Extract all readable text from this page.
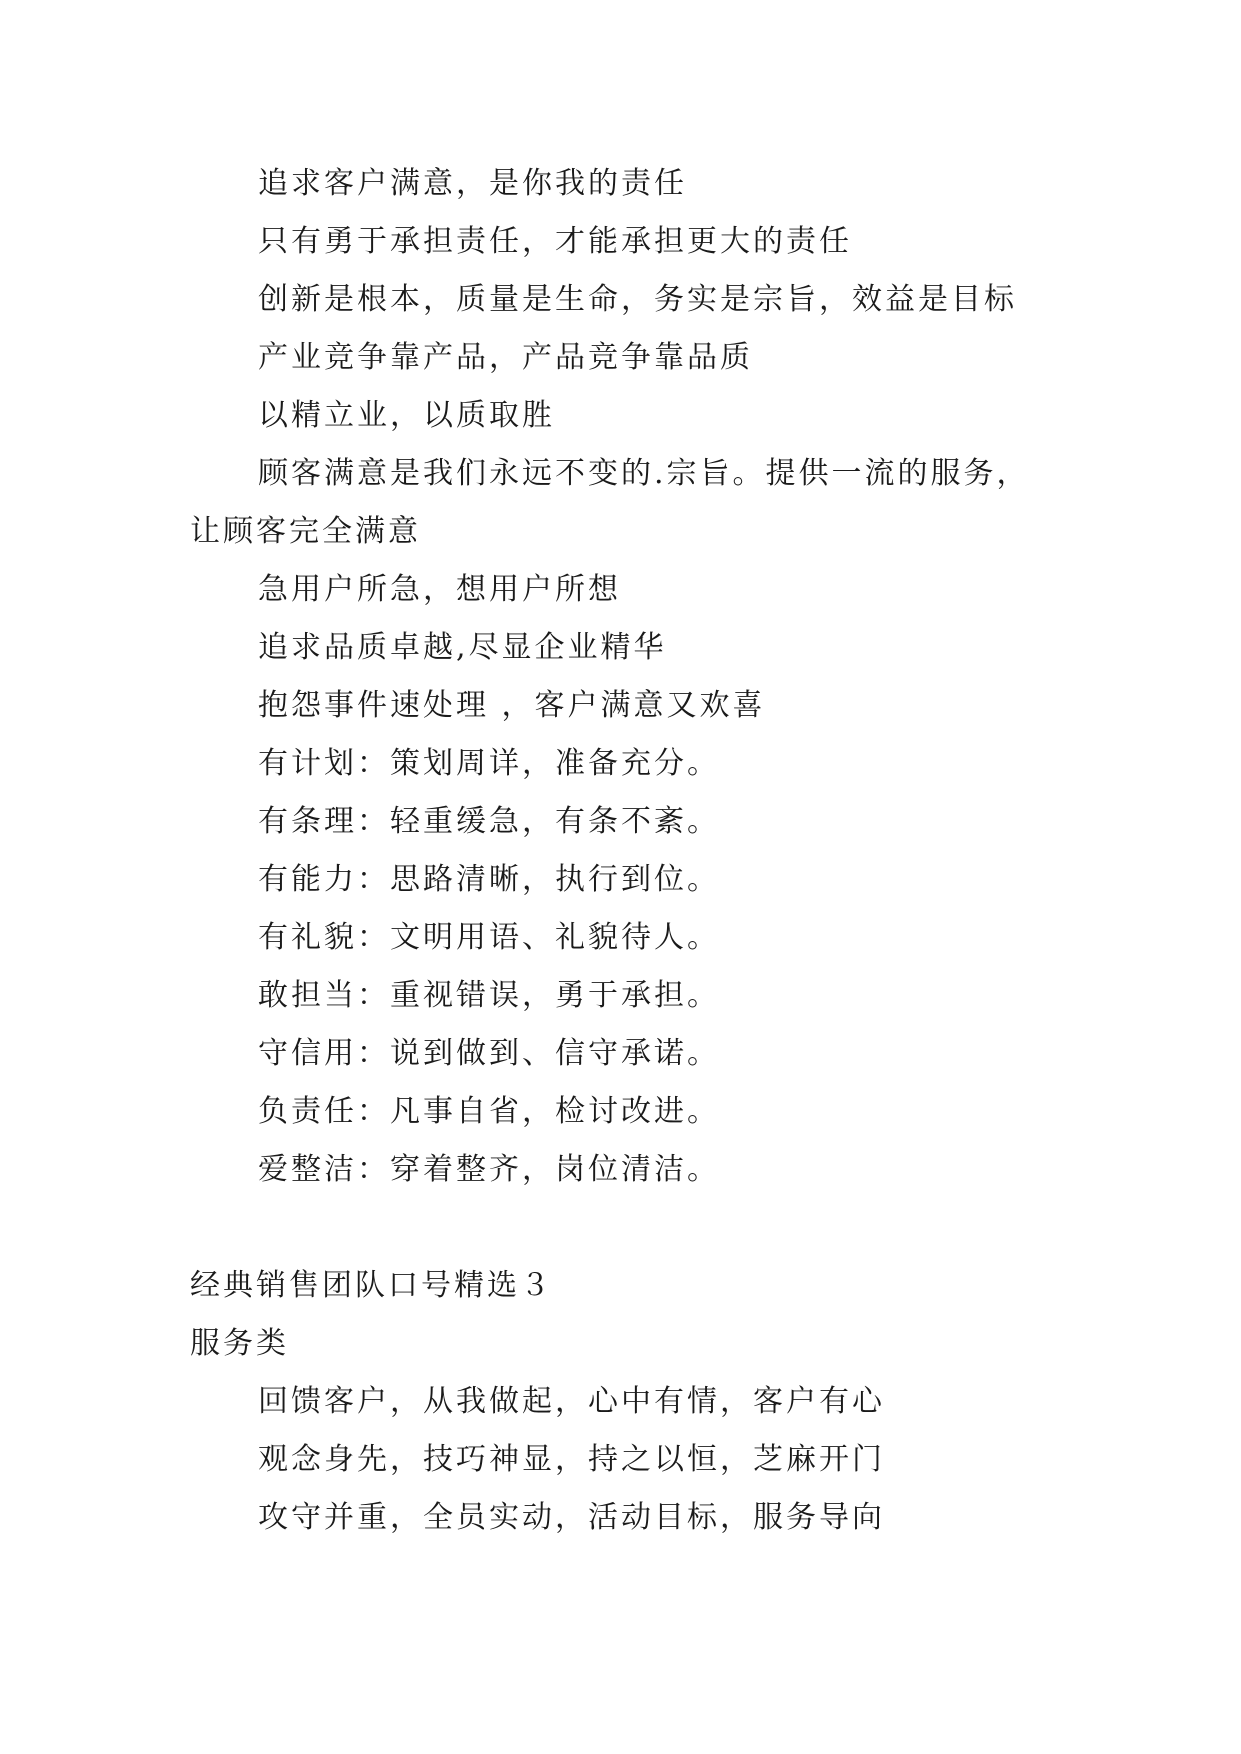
追求客户满意，是你我的责任
只有勇于承担责任，才能承担更大的责任
创新是根本，质量是生命，务实是宗旨，效益是目标
产业竞争靠产品，产品竞争靠品质
以精立业，以质取胜
顾客满意是我们永远不变的.宗旨。提供一流的服务，
让顾客完全满意
急用户所急，想用户所想
追求品质卓越,尽显企业精华
抱怨事件速处理 ，客户满意又欢喜
有计划：策划周详，准备充分。
有条理：轻重缓急，有条不紊。
有能力：思路清晰，执行到位。
有礼貌：文明用语、礼貌待人。
敢担当：重视错误，勇于承担。
守信用：说到做到、信守承诺。
负责任：凡事自省，检讨改进。
爱整洁：穿着整齐，岗位清洁。
经典销售团队口号精选３
服务类
回馈客户，从我做起，心中有情，客户有心
观念身先，技巧神显，持之以恒，芝麻开门
攻守并重，全员实动，活动目标，服务导向
